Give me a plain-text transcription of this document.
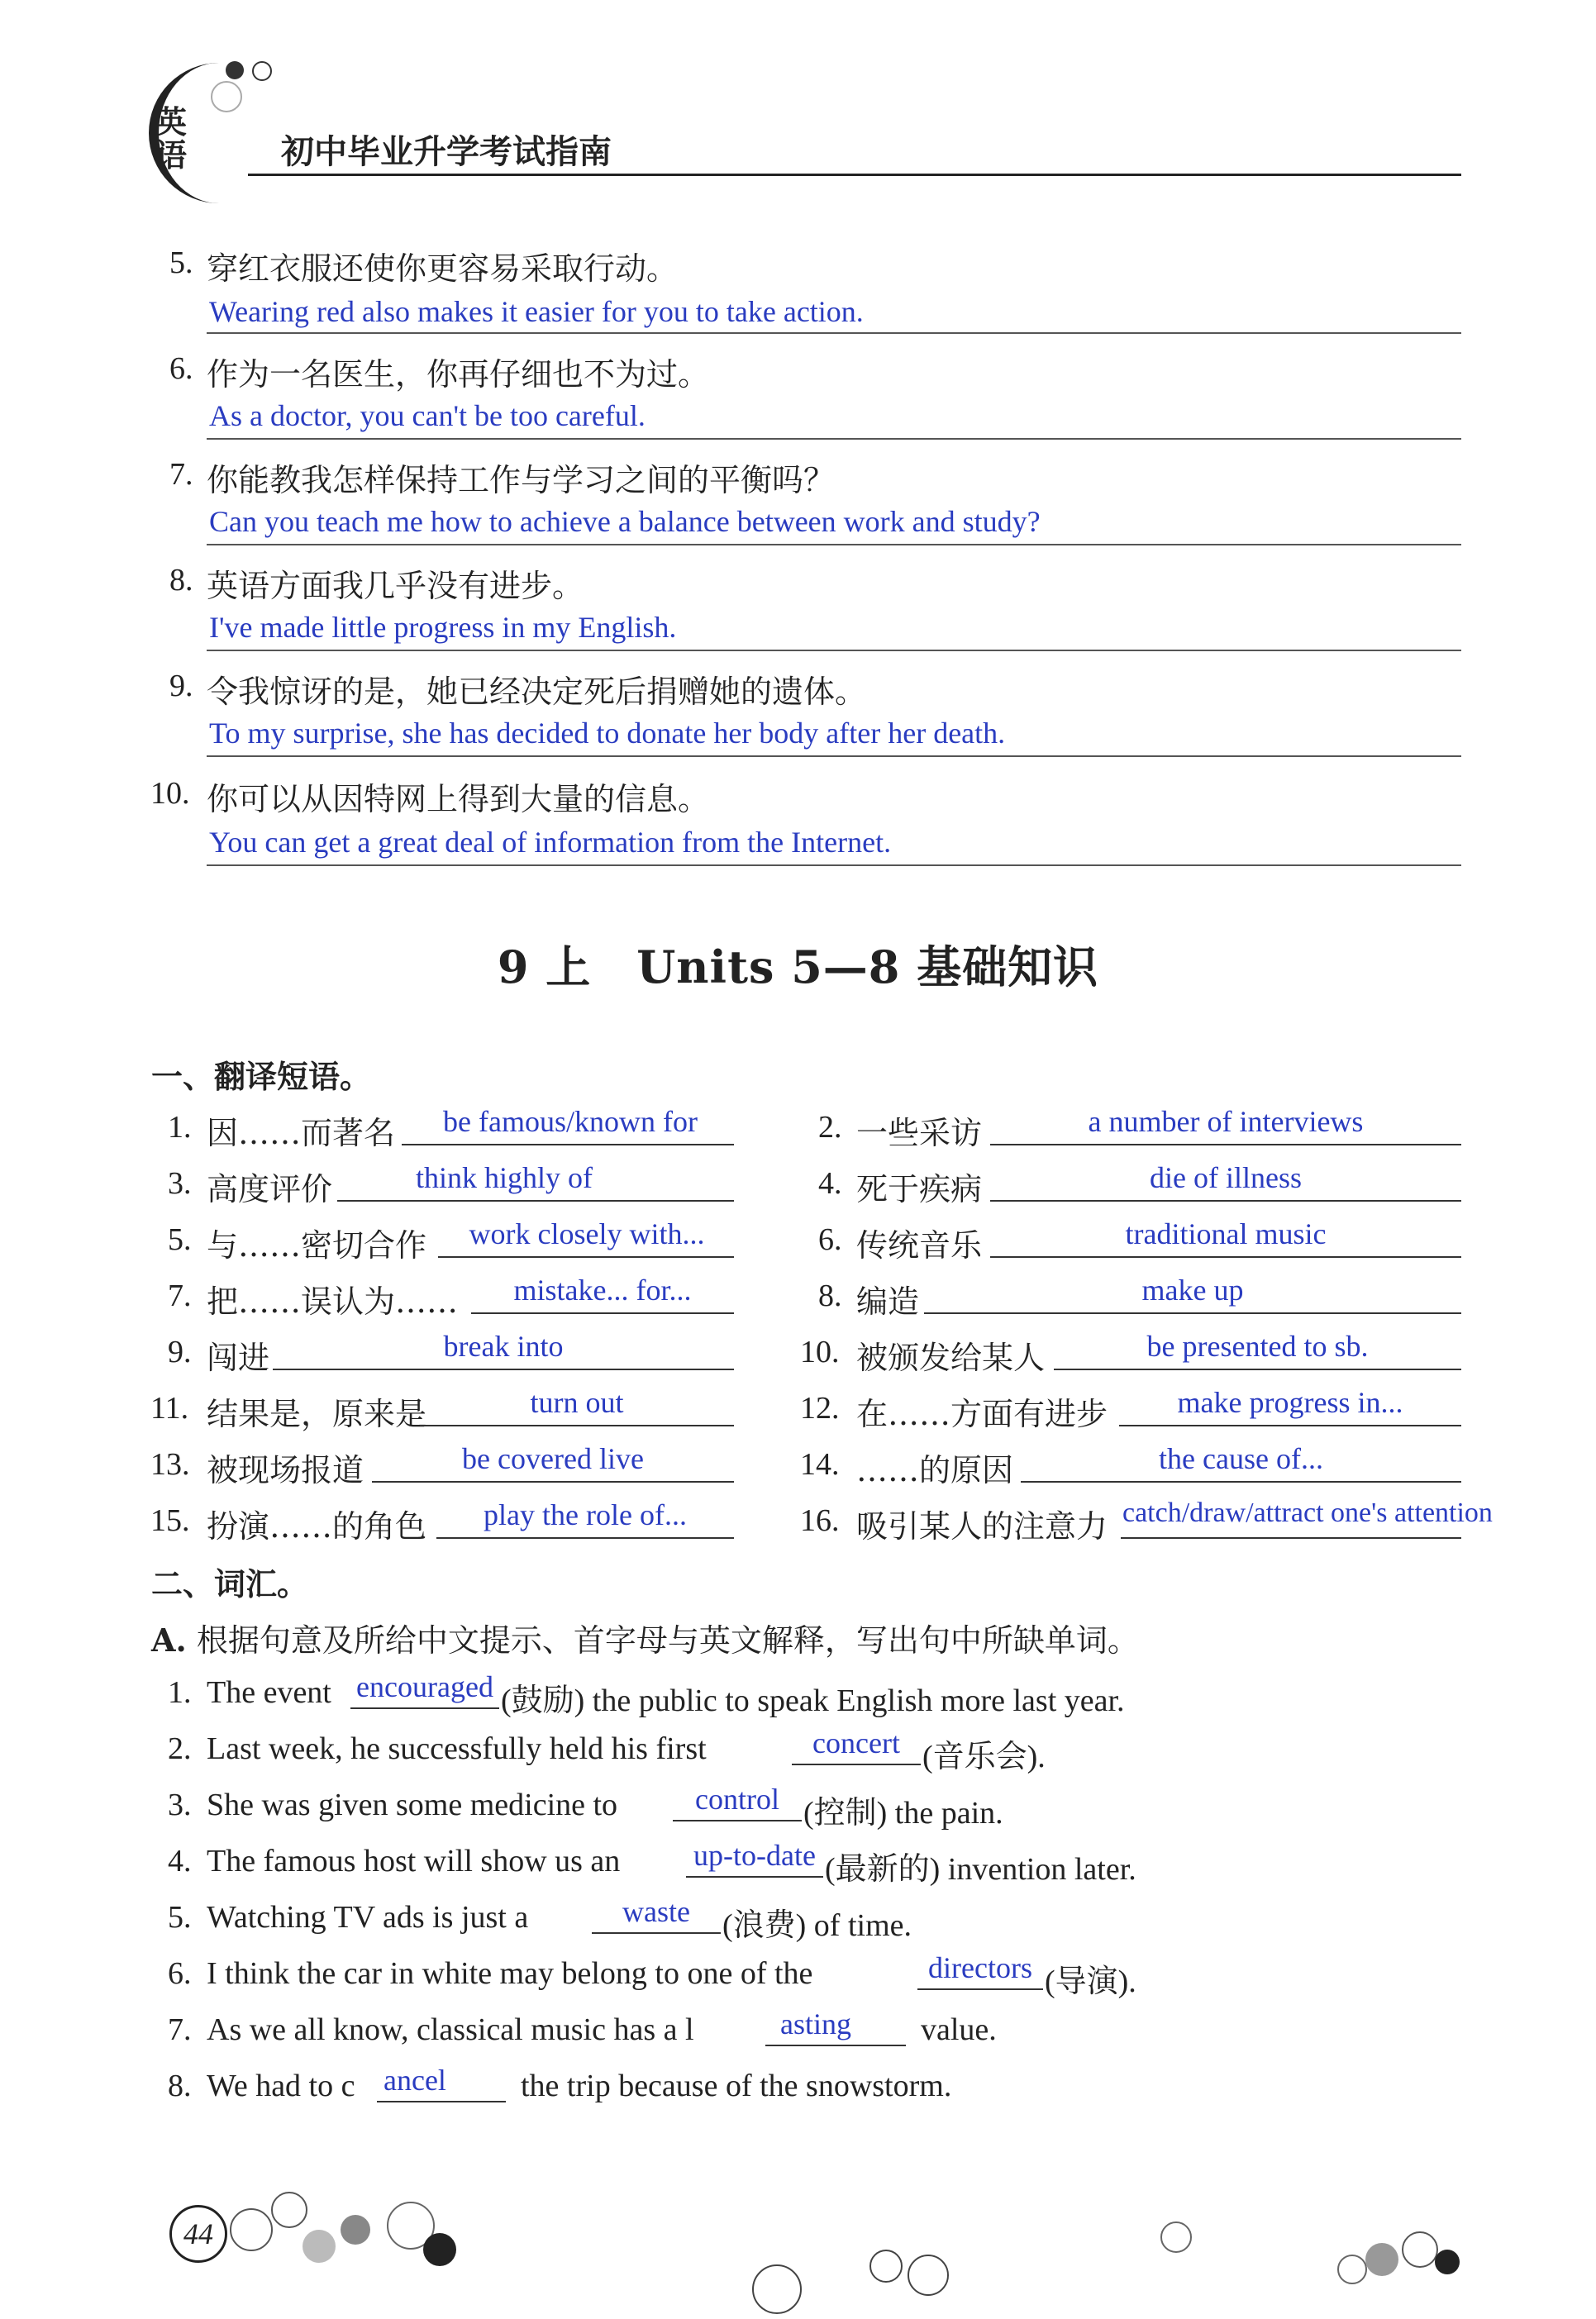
英
语	初中毕业升学考试指南
5. 穿红衣服还使你更容易采取行动。
Wearing red also makes it easier for you to take action.
6. 作为一名医生，你再仔细也不为过。
As a doctor, you can't be too careful.
7. 你能教我怎样保持工作与学习之间的平衡吗？
Can you teach me how to achieve a balance between work and study?
8. 英语方面我几乎没有进步。
I've made little progress in my English.
9. 令我惊讶的是，她已经决定死后捐赠她的遗体。
To my surprise, she has decided to donate her body after her death.
10. 你可以从因特网上得到大量的信息。
You can get a great deal of information from the Internet.
9 上　Units 5—8 基础知识
一、翻译短语。
1. 因……而著名	be famous/known for	2. 一些采访	a number of interviews
3. 高度评价	think highly of	4. 死于疾病	die of illness
5. 与……密切合作	work closely with...	6. 传统音乐	traditional music
7. 把……误认为……	mistake... for...	8. 编造	make up
9. 闯进	break into	10. 被颁发给某人	be presented to sb.
11. 结果是，原来是	turn out	12. 在……方面有进步	make progress in...
13. 被现场报道	be covered live	14. ……的原因	the cause of...
15. 扮演……的角色	play the role of...	16. 吸引某人的注意力 catch/draw/attract one's attention
二、词汇。
A. 根据句意及所给中文提示、首字母与英文解释，写出句中所缺单词。
1. The event encouraged (鼓励) the public to speak English more last year.
2. Last week, he successfully held his first	concert (音乐会).
3. She was given some medicine to	control (控制) the pain.
4. The famous host will show us an up-to-date (最新的) invention later.
5. Watching TV ads is just a	waste	(浪费) of time.
6. I think the car in white may belong to one of the	directors (导演).
7. As we all know, classical music has a l	asting value.
8. We had to c ancel the trip because of the snowstorm.
44
